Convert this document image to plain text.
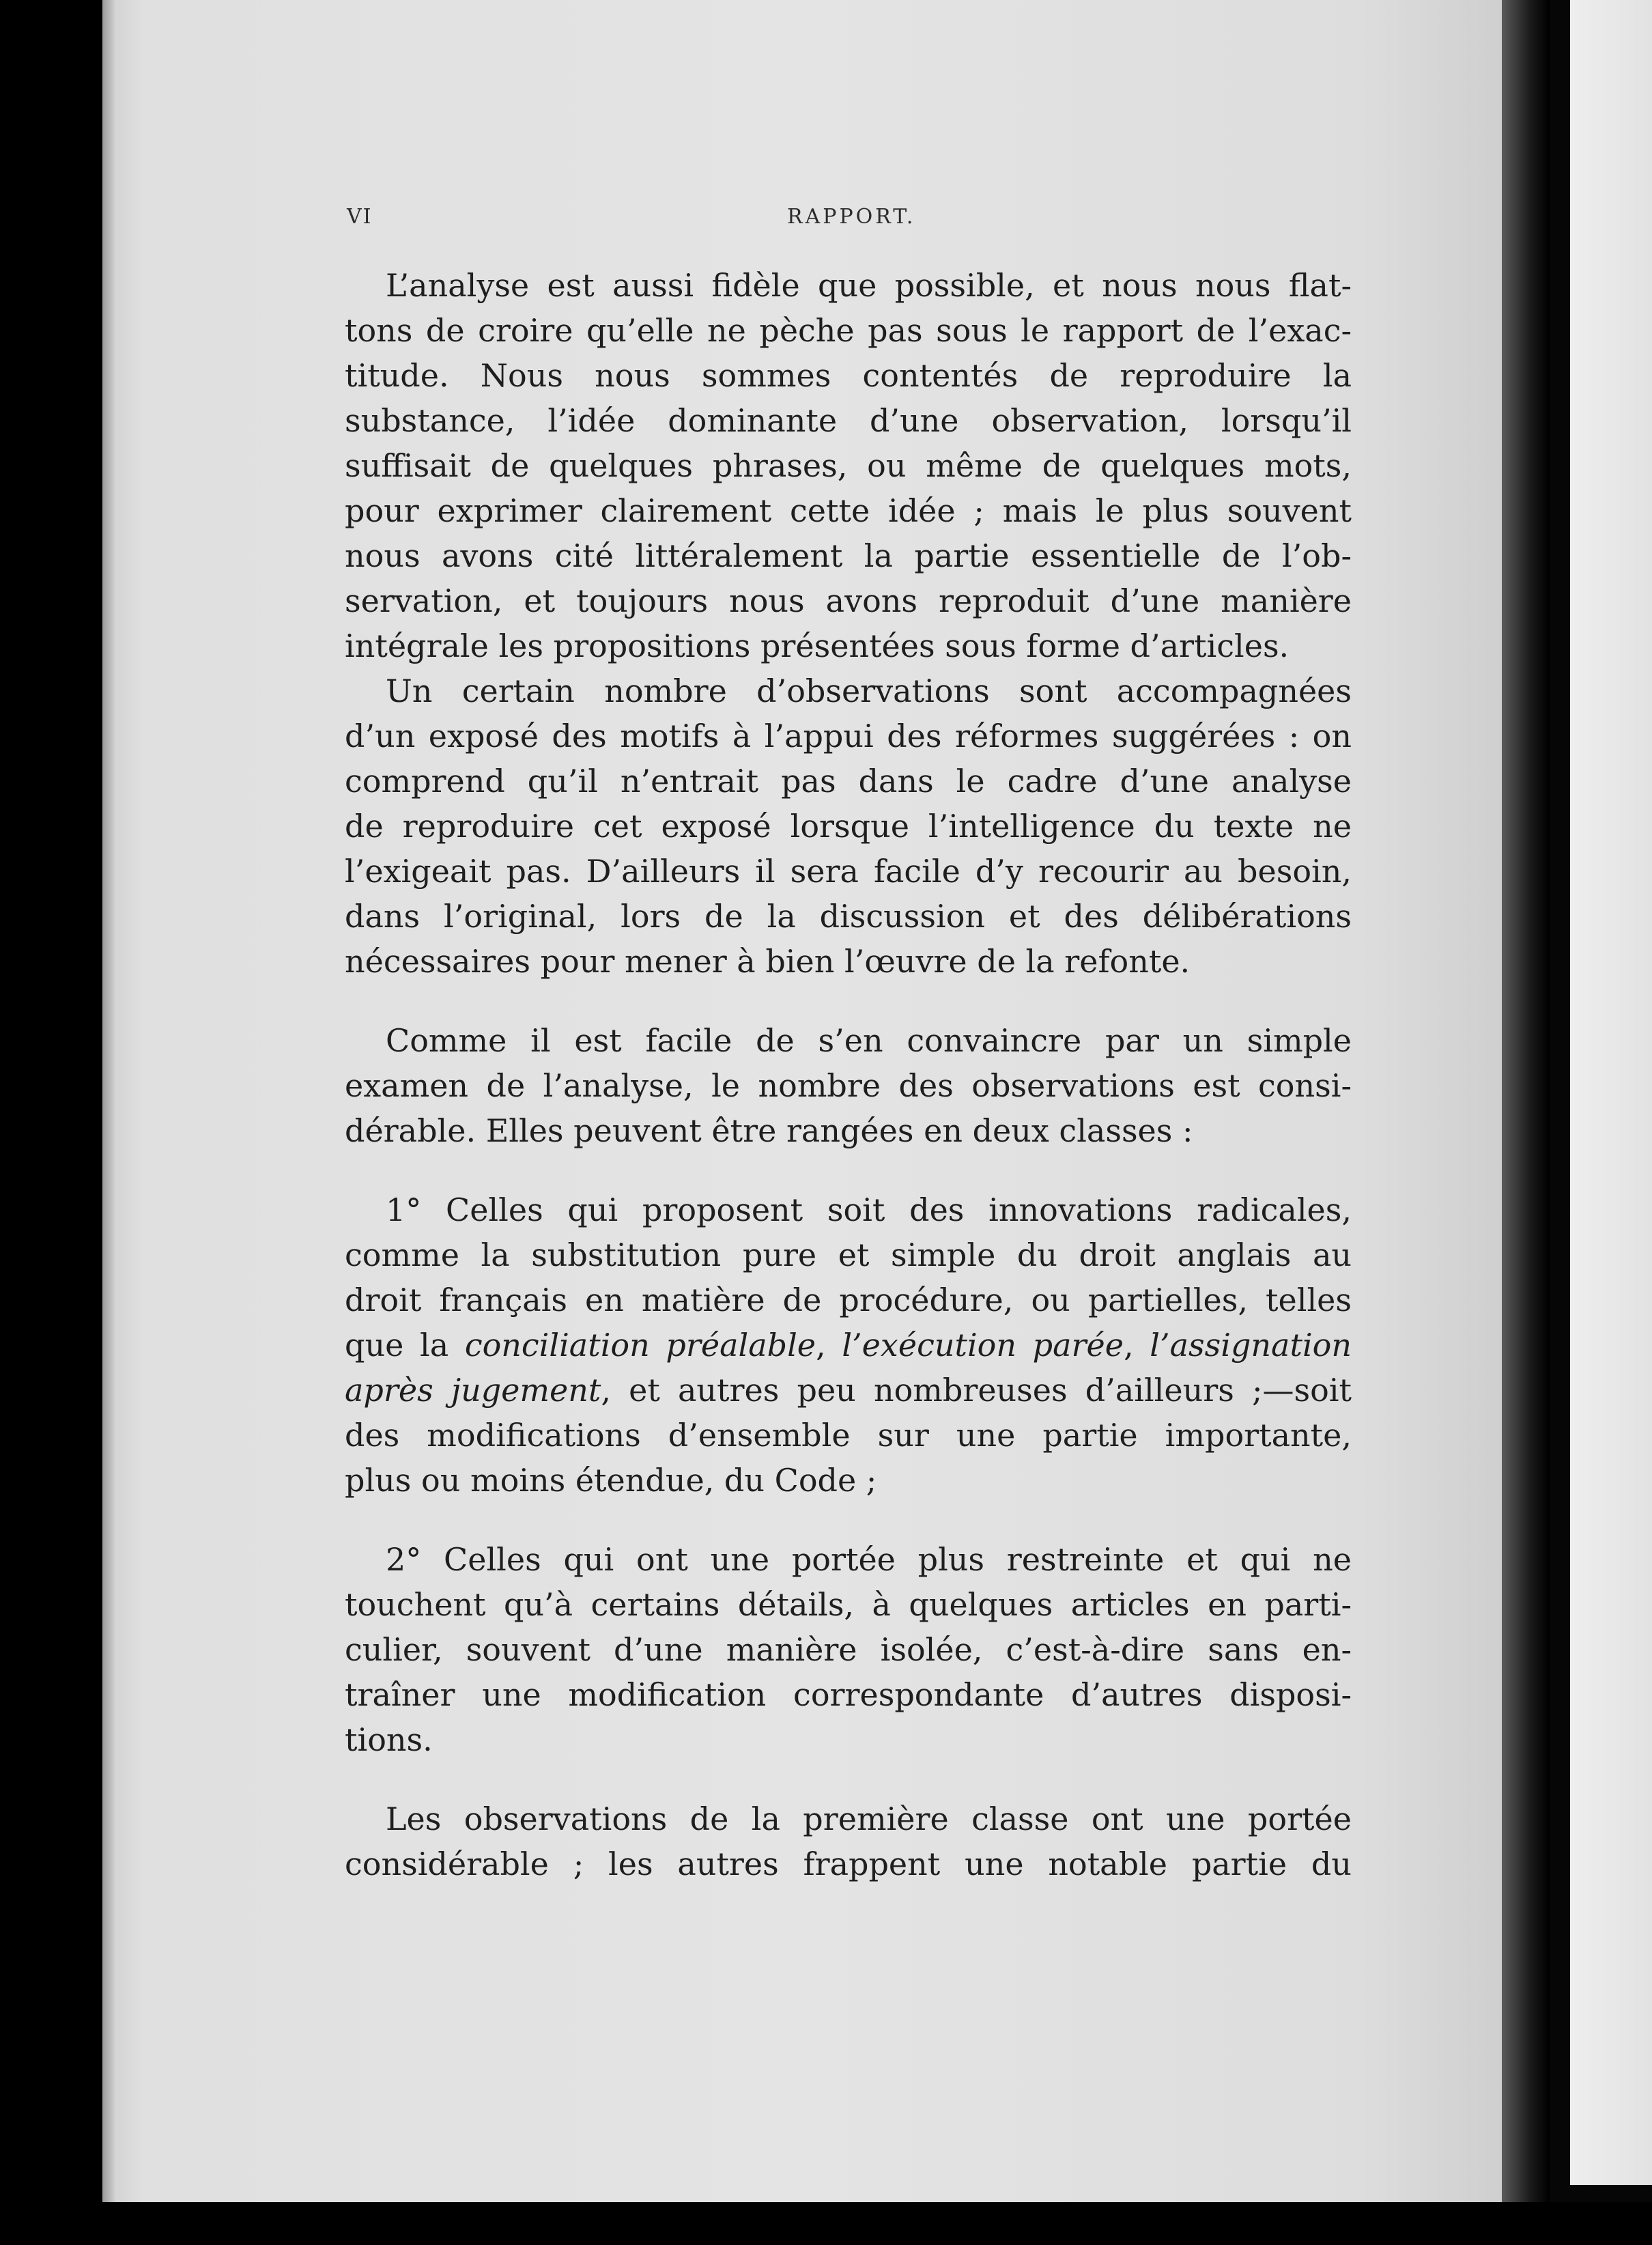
VI	RAPPORT.
L’analyse est aussi fidèle que possible, et nous nous flat-
tons de croire qu’elle ne pèche pas sous le rapport de l’exac-
titude. Nous nous sommes contentés de reproduire la
substance, l’idée dominante d’une observation, lorsqu’il
suffisait de quelques phrases, ou même de quelques mots,
pour exprimer clairement cette idée ; mais le plus souvent
nous avons cité littéralement la partie essentielle de l’ob-
servation, et toujours nous avons reproduit d’une manière
intégrale les propositions présentées sous forme d’articles.
Un certain nombre d’observations sont accompagnées
d’un exposé des motifs à l’appui des réformes suggérées : on
comprend qu’il n’entrait pas dans le cadre d’une analyse
de reproduire cet exposé lorsque l’intelligence du texte ne
l’exigeait pas. D’ailleurs il sera facile d’y recourir au besoin,
dans l’original, lors de la discussion et des délibérations
nécessaires pour mener à bien l’œuvre de la refonte.
Comme il est facile de s’en convaincre par un simple
examen de l’analyse, le nombre des observations est consi-
dérable. Elles peuvent être rangées en deux classes :
1° Celles qui proposent soit des innovations radicales,
comme la substitution pure et simple du droit anglais au
droit français en matière de procédure, ou partielles, telles
que la conciliation préalable, l’exécution parée, l’assignation
après jugement, et autres peu nombreuses d’ailleurs ;—soit
des modifications d’ensemble sur une partie importante,
plus ou moins étendue, du Code ;
2° Celles qui ont une portée plus restreinte et qui ne
touchent qu’à certains détails, à quelques articles en parti-
culier, souvent d’une manière isolée, c’est-à-dire sans en-
traîner une modification correspondante d’autres disposi-
tions.
Les observations de la première classe ont une portée
considérable ; les autres frappent une notable partie du
